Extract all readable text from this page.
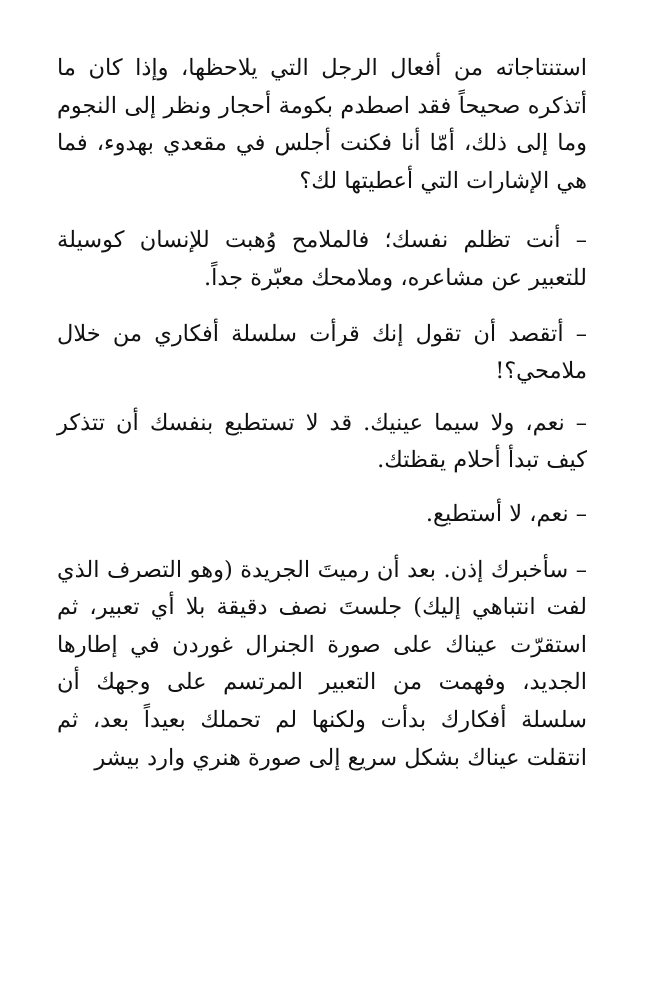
استنتاجاته من أفعال الرجل التي يلاحظها، وإذا كان ما أتذكره صحيحاً فقد اصطدم بكومة أحجار ونظر إلى النجوم وما إلى ذلك، أمّا أنا فكنت أجلس في مقعدي بهدوء، فما هي الإشارات التي أعطيتها لك؟

– أنت تظلم نفسك؛ فالملامح وُهبت للإنسان كوسيلة للتعبير عن مشاعره، وملامحك معبّرة جداً.

– أتقصد أن تقول إنك قرأت سلسلة أفكاري من خلال ملامحي؟!

– نعم، ولا سيما عينيك. قد لا تستطيع بنفسك أن تتذكر كيف تبدأ أحلام يقظتك.

– نعم، لا أستطيع.

– سأخبرك إذن. بعد أن رميتَ الجريدة (وهو التصرف الذي لفت انتباهي إليك) جلستَ نصف دقيقة بلا أي تعبير، ثم استقرّت عيناك على صورة الجنرال غوردن في إطارها الجديد، وفهمت من التعبير المرتسم على وجهك أن سلسلة أفكارك بدأت ولكنها لم تحملك بعيداً بعد، ثم انتقلت عيناك بشكل سريع إلى صورة هنري وارد بيشر
